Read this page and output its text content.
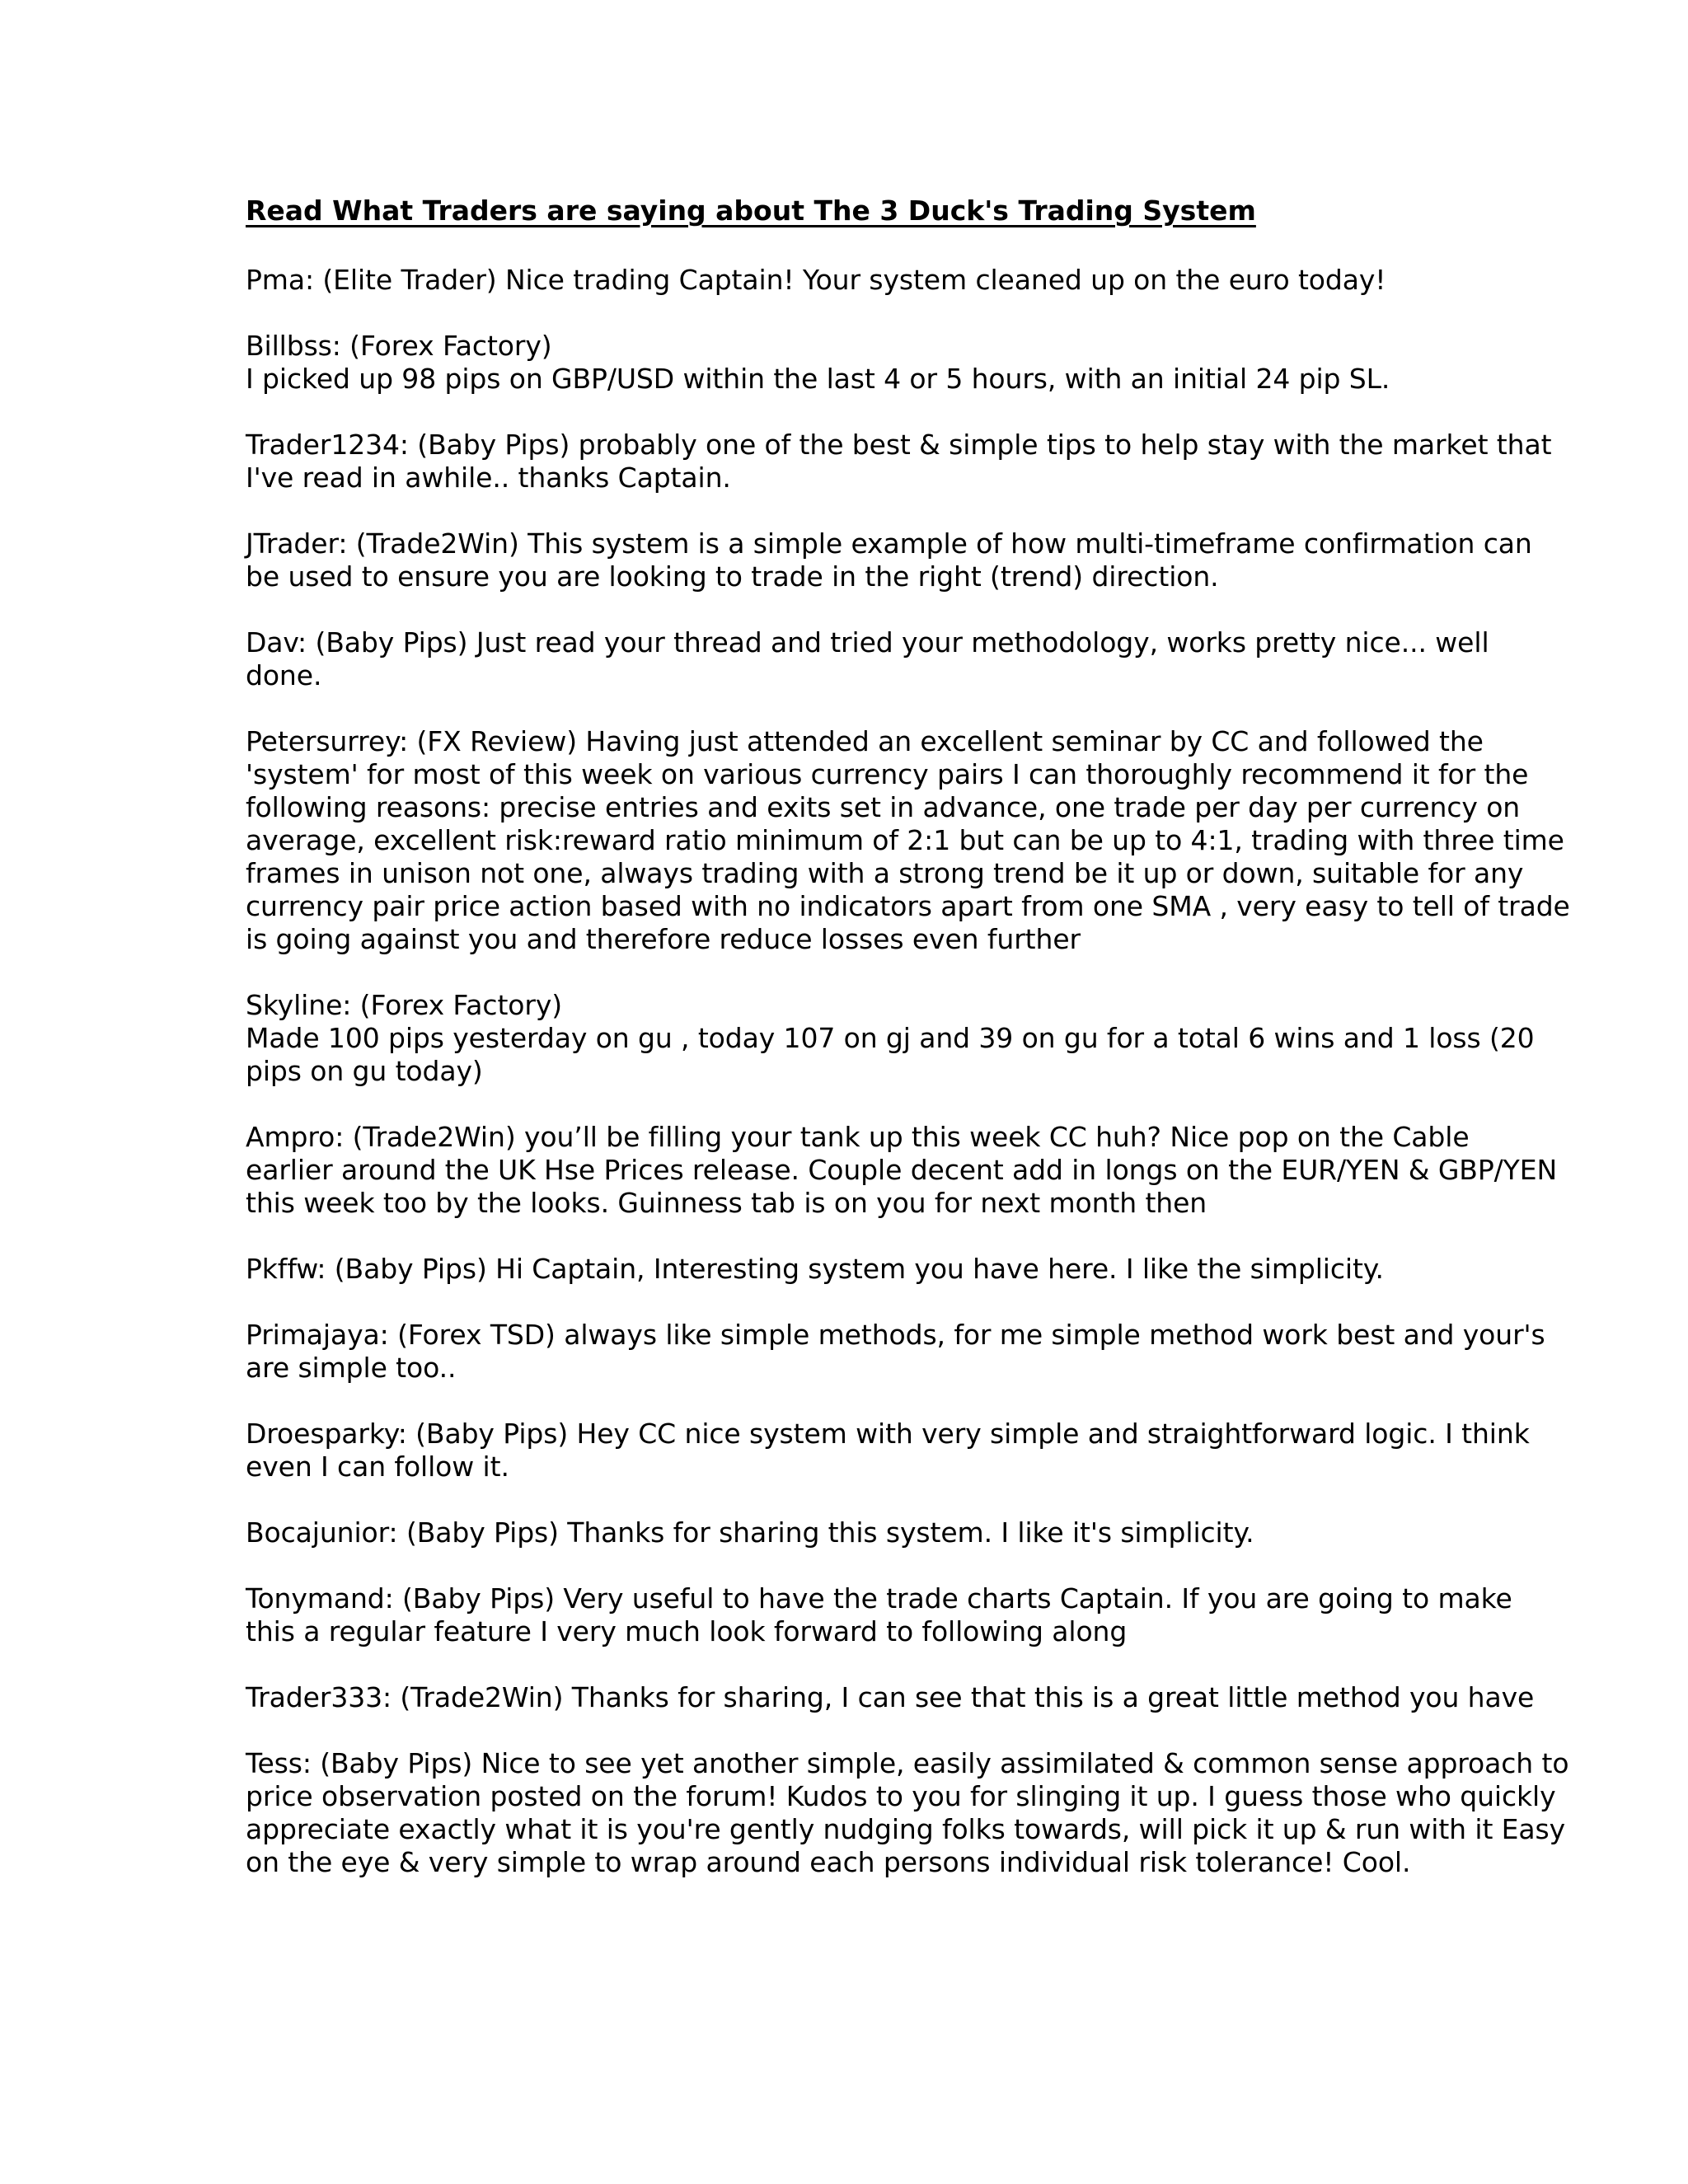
Read What Traders are saying about The 3 Duck's Trading System
Pma: (Elite Trader) Nice trading Captain! Your system cleaned up on the euro today!
Billbss: (Forex Factory)
I picked up 98 pips on GBP/USD within the last 4 or 5 hours, with an initial 24 pip SL.
Trader1234: (Baby Pips) probably one of the best & simple tips to help stay with the market that
I've read in awhile.. thanks Captain.
JTrader: (Trade2Win) This system is a simple example of how multi-timeframe confirmation can
be used to ensure you are looking to trade in the right (trend) direction.
Dav: (Baby Pips) Just read your thread and tried your methodology, works pretty nice... well
done.
Petersurrey: (FX Review) Having just attended an excellent seminar by CC and followed the
'system' for most of this week on various currency pairs I can thoroughly recommend it for the
following reasons: precise entries and exits set in advance, one trade per day per currency on
average, excellent risk:reward ratio minimum of 2:1 but can be up to 4:1, trading with three time
frames in unison not one, always trading with a strong trend be it up or down, suitable for any
currency pair price action based with no indicators apart from one SMA , very easy to tell of trade
is going against you and therefore reduce losses even further
Skyline: (Forex Factory)
Made 100 pips yesterday on gu , today 107 on gj and 39 on gu for a total 6 wins and 1 loss (20
pips on gu today)
Ampro: (Trade2Win) you’ll be filling your tank up this week CC huh? Nice pop on the Cable
earlier around the UK Hse Prices release. Couple decent add in longs on the EUR/YEN & GBP/YEN
this week too by the looks. Guinness tab is on you for next month then
Pkffw: (Baby Pips) Hi Captain, Interesting system you have here. I like the simplicity.
Primajaya: (Forex TSD) always like simple methods, for me simple method work best and your's
are simple too..
Droesparky: (Baby Pips) Hey CC nice system with very simple and straightforward logic. I think
even I can follow it.
Bocajunior: (Baby Pips) Thanks for sharing this system. I like it's simplicity.
Tonymand: (Baby Pips) Very useful to have the trade charts Captain. If you are going to make
this a regular feature I very much look forward to following along
Trader333: (Trade2Win) Thanks for sharing, I can see that this is a great little method you have
Tess: (Baby Pips) Nice to see yet another simple, easily assimilated & common sense approach to
price observation posted on the forum! Kudos to you for slinging it up. I guess those who quickly
appreciate exactly what it is you're gently nudging folks towards, will pick it up & run with it Easy
on the eye & very simple to wrap around each persons individual risk tolerance! Cool.
